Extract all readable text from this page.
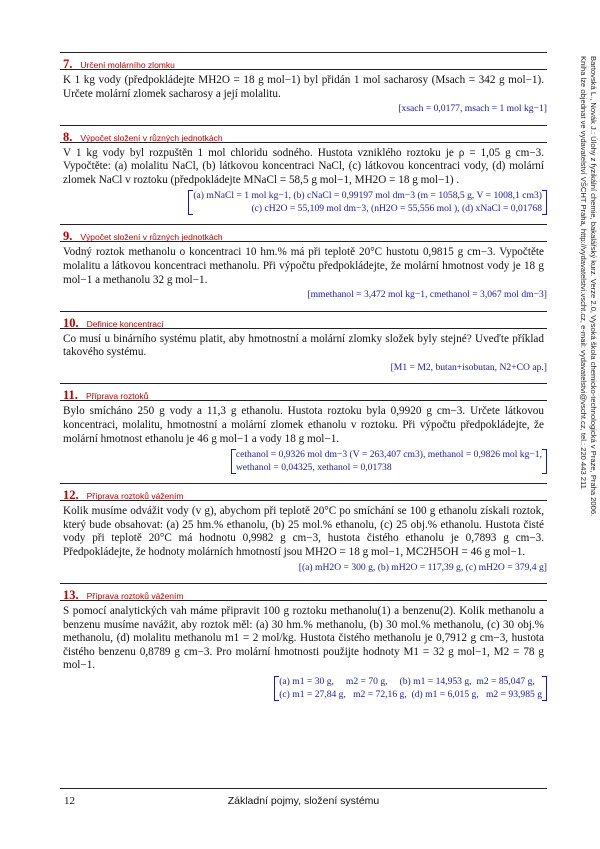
7. Určení molárního zlomku
K 1 kg vody (předpokládejte MH2O = 18 g mol−1) byl přidán 1 mol sacharosy (Msach = 342 g mol−1). Určete molární zlomek sacharosy a její molalitu.
[xsach = 0,0177, msach = 1 mol kg−1]
8. Výpočet složení v různých jednotkách
V 1 kg vody byl rozpuštěn 1 mol chloridu sodného. Hustota vzniklého roztoku je ρ = 1,05 g cm−3. Vypočtěte: (a) molalitu NaCl, (b) látkovou koncentraci NaCl, (c) látkovou koncentraci vody, (d) molární zlomek NaCl v roztoku (předpokládejte MNaCl = 58,5 g mol−1, MH2O = 18 g mol−1) .
(a) mNaCl = 1 mol kg−1, (b) cNaCl = 0,99197 mol dm−3 (m = 1058,5 g, V = 1008,1 cm3)
(c) cH2O = 55,109 mol dm−3, (nH2O = 55,556 mol ), (d) xNaCl = 0,01768
9. Výpočet složení v různých jednotkách
Vodný roztok methanolu o koncentraci 10 hm.% má při teplotě 20°C hustotu 0,9815 g cm−3. Vypočtěte molalitu a látkovou koncentraci methanolu. Při výpočtu předpokládejte, že molární hmotnost vody je 18 g mol−1 a methanolu 32 g mol−1.
[mmethanol = 3,472 mol kg−1, cmethanol = 3,067 mol dm−3]
10. Definice koncentrací
Co musí u binárního systému platit, aby hmotnostní a molární zlomky složek byly stejné? Uveďte příklad takového systému.
[M1 = M2, butan+isobutan, N2+CO ap.]
11. Příprava roztoků
Bylo smícháno 250 g vody a 11,3 g ethanolu. Hustota roztoku byla 0,9920 g cm−3. Určete látkovou koncentraci, molalitu, hmotnostní a molární zlomek ethanolu v roztoku. Při výpočtu předpokládejte, že molární hmotnost ethanolu je 46 g mol−1 a vody 18 g mol−1.
cethanol = 0,9326 mol dm−3 (V = 263,407 cm3), methanol = 0,9826 mol kg−1,
wethanol = 0,04325, xethanol = 0,01738
12. Příprava roztoků vážením
Kolik musíme odvážit vody (v g), abychom při teplotě 20°C po smíchání se 100 g ethanolu získali roztok, který bude obsahovat: (a) 25 hm.% ethanolu, (b) 25 mol.% ethanolu, (c) 25 obj.% ethanolu. Hustota čisté vody při teplotě 20°C má hodnotu 0,9982 g cm−3, hustota čistého ethanolu je 0,7893 g cm−3. Předpokládejte, že hodnoty molárních hmotností jsou MH2O = 18 g mol−1, MC2H5OH = 46 g mol−1.
[(a) mH2O = 300 g, (b) mH2O = 117,39 g, (c) mH2O = 379,4 g]
13. Příprava roztoků vážením
S pomocí analytických vah máme připravit 100 g roztoku methanolu(1) a benzenu(2). Kolik methanolu a benzenu musíme navážit, aby roztok měl: (a) 30 hm.% methanolu, (b) 30 mol.% methanolu, (c) 30 obj.% methanolu, (d) molalitu methanolu m1 = 2 mol/kg. Hustota čistého methanolu je 0,7912 g cm−3, hustota čistého benzenu 0,8789 g cm−3. Pro molární hmotnosti použijte hodnoty M1 = 32 g mol−1, M2 = 78 g mol−1.
(a) m1 = 30 g,     m2 = 70 g,     (b) m1 = 14,953 g,  m2 = 85,047 g,
(c) m1 = 27,84 g,   m2 = 72,16 g,  (d) m1 = 6,015 g,   m2 = 93,985 g
12	Základní pojmy, složení systému
Bartovská L., Novák J.: Úlohy z fyzikální chemie, bakalářský kurz. Verze 2.0, Vysoká škola chemicko-technologická v Praze, Praha 2006.
Kniha lze objednat ve vydavatelství VŠCHT Praha, http://vydavatelstvi.vscht.cz, e-mail: vydavatelstvi@vscht.cz, tel.: 220 443 211
